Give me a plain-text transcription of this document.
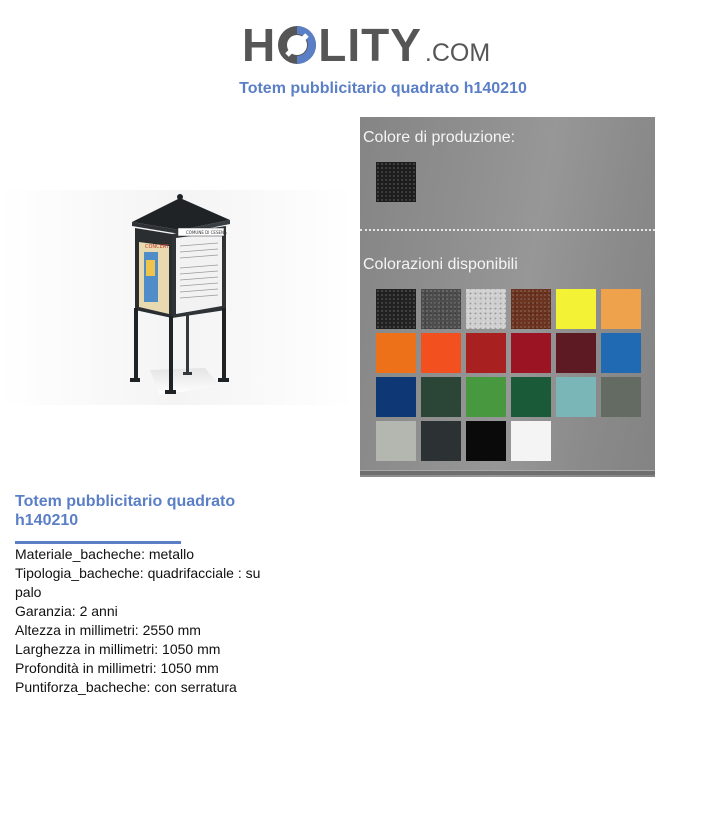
H LITY .COM
Totem pubblicitario quadrato h140210
CONCERT
COMUNE DI CESENA
Colore di produzione:
Colorazioni disponibili
Totem pubblicitario quadrato h140210
Materiale_bacheche: metallo
Tipologia_bacheche: quadrifacciale : su palo
Garanzia: 2 anni
Altezza in millimetri: 2550 mm
Larghezza in millimetri: 1050 mm
Profondità in millimetri: 1050 mm
Puntiforza_bacheche: con serratura
